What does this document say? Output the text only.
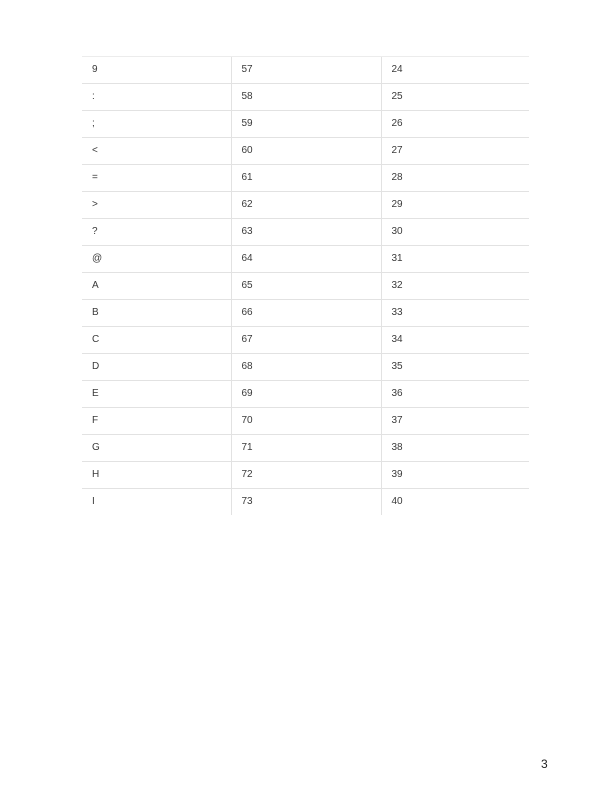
9	57	24
:	58	25
;	59	26
<	60	27
=	61	28
>	62	29
?	63	30
@	64	31
A	65	32
B	66	33
C	67	34
D	68	35
E	69	36
F	70	37
G	71	38
H	72	39
I	73	40
3
